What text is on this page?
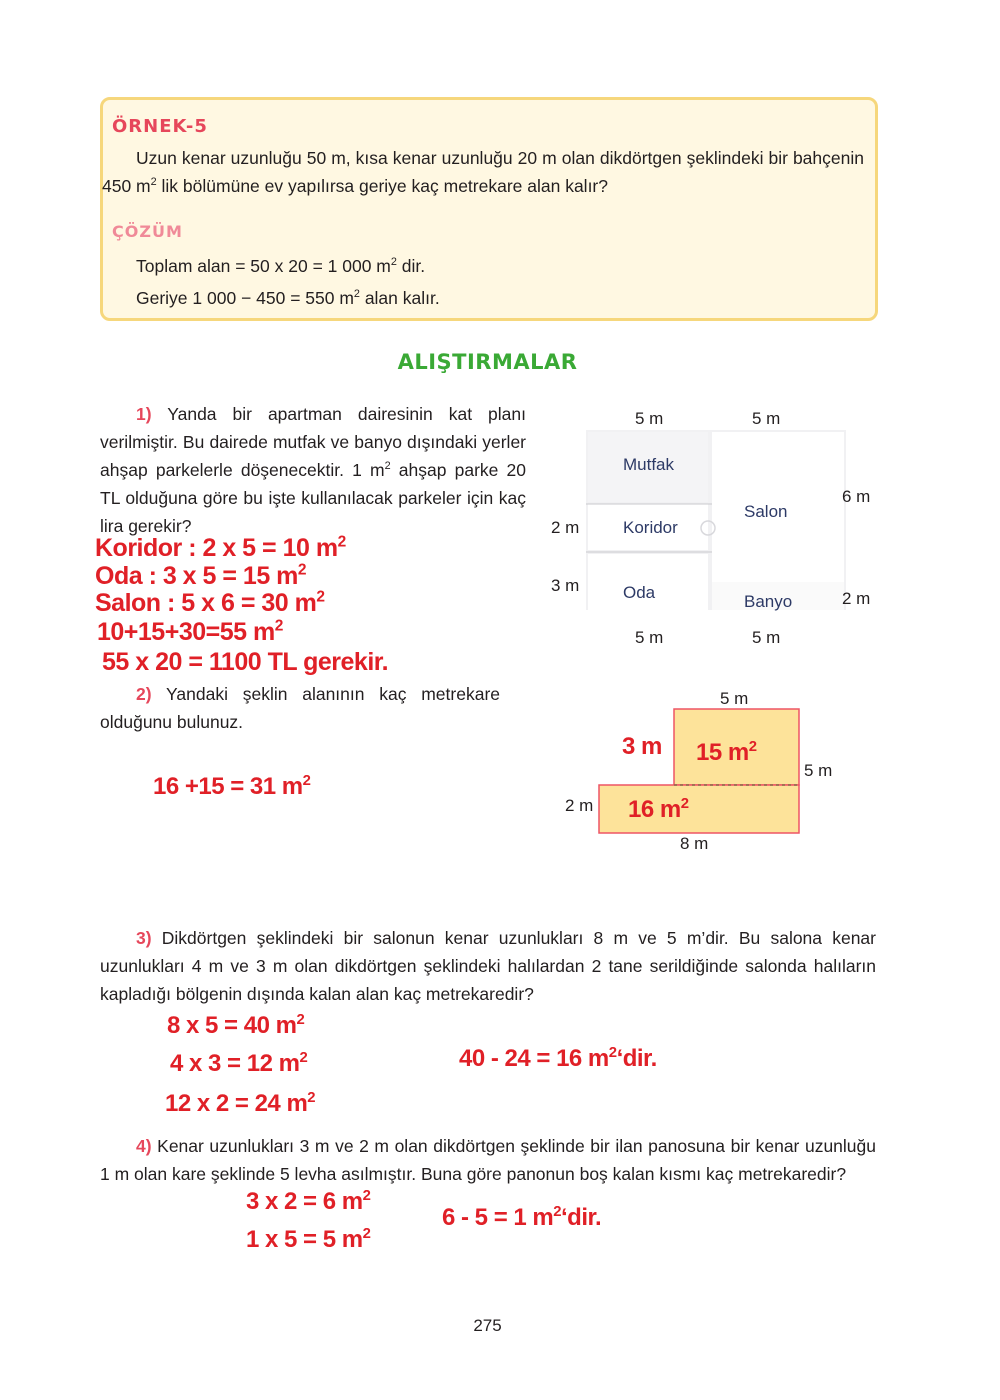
ÖRNEK-5
Uzun kenar uzunluğu 50 m, kısa kenar uzunluğu 20 m olan dikdörtgen şeklindeki bir bahçenin 450 $m^2$ lik bölümüne ev yapılırsa geriye kaç metrekare alan kalır?
ÇÖZÜM
Toplam alan = 50 x 20 = 1 000 $m^2$ dir.
Geriye 1 000 − 450 = 550 $m^2$ alan kalır.
ALIŞTIRMALAR
1) Yanda bir apartman dairesinin kat planı verilmiştir. Bu dairede mutfak ve banyo dışındaki yerler ahşap parkelerle döşenecektir. 1 $m^2$ ahşap parke 20 TL olduğuna göre bu işte kullanılacak parkeler için kaç lira gerekir?
Koridor : 2 x 5 = 10 $m^2$
Oda : 3 x 5 = 15 $m^2$
Salon : 5 x 6 = 30 $m^2$
10+15+30=55 $m^2$
55 x 20 = 1100 TL gerekir.
5 m	5 m
6 m
2 m
2 m
3 m
5 m	5 m
Mutfak
Koridor
Oda
Salon
Banyo
2) Yandaki şeklin alanının kaç metrekare olduğunu bulunuz.
16 +15 = 31 $m^2$
5 m
5 m
2 m
8 m
3 m 15 $m^2$
16 $m^2$
3) Dikdörtgen şeklindeki bir salonun kenar uzunlukları 8 m ve 5 m’dir. Bu salona kenar uzunlukları 4 m ve 3 m olan dikdörtgen şeklindeki halılardan 2 tane serildiğinde salonda halıların kapladığı bölgenin dışında kalan alan kaç metrekaredir?
8 x 5 = 40 $m^2$
4 x 3 = 12 $m^2$
12 x 2 = 24 $m^2$
40 - 24 = 16 $m^2‘dir$.
4) Kenar uzunlukları 3 m ve 2 m olan dikdörtgen şeklinde bir ilan panosuna bir kenar uzunluğu 1 m olan kare şeklinde 5 levha asılmıştır. Buna göre panonun boş kalan kısmı kaç metrekaredir?
3 x 2 = 6 $m^2$
1 x 5 = 5 $m^2$
6 - 5 = 1 $m^2‘dir$.
275
